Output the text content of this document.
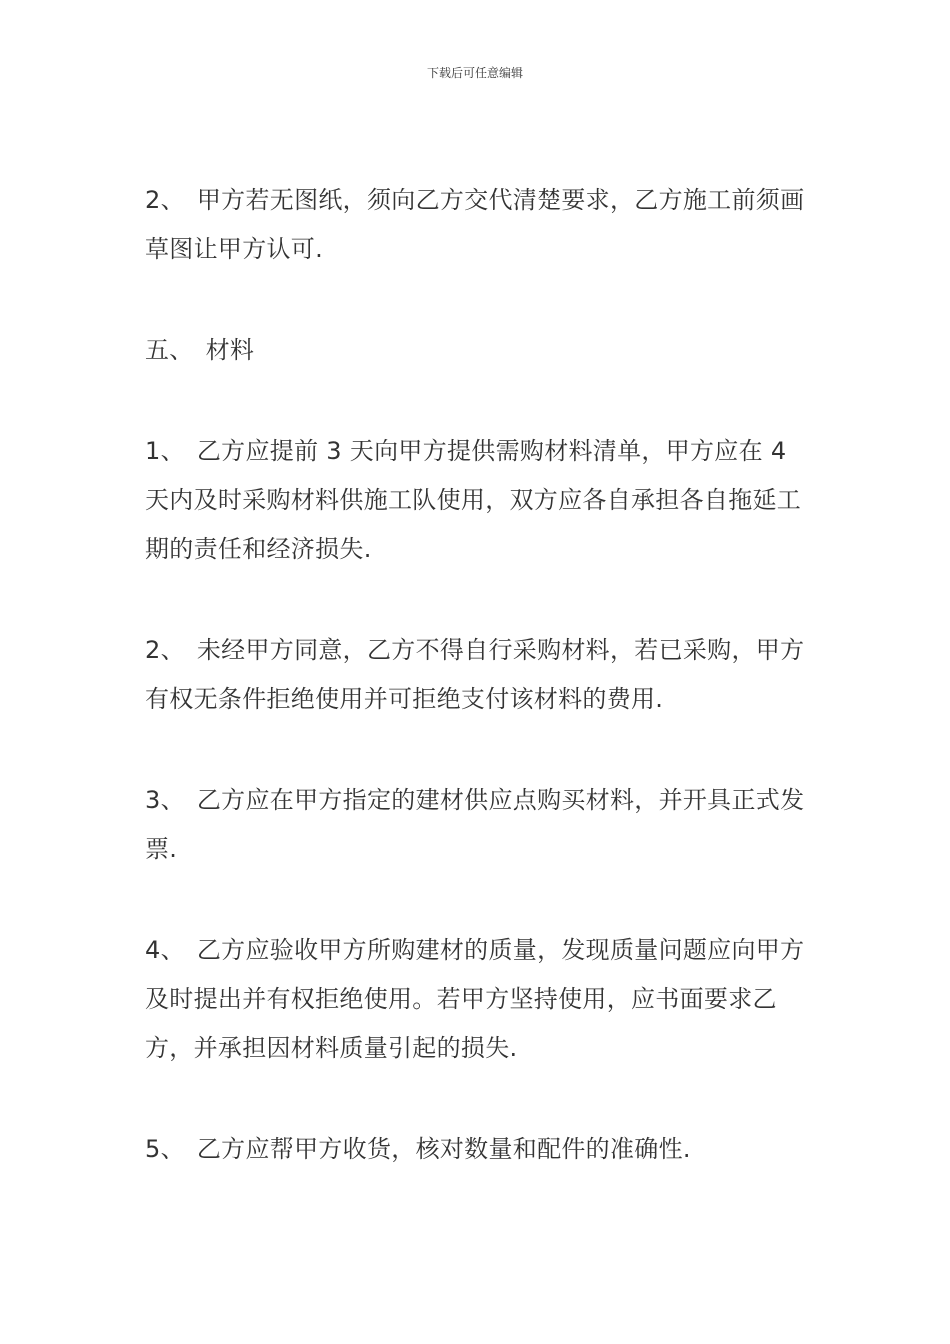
下载后可任意编辑

2、 甲方若无图纸，须向乙方交代清楚要求，乙方施工前须画草图让甲方认可.

五、 材料

1、 乙方应提前 3 天向甲方提供需购材料清单，甲方应在 4 天内及时采购材料供施工队使用，双方应各自承担各自拖延工期的责任和经济损失.

2、 未经甲方同意，乙方不得自行采购材料，若已采购，甲方有权无条件拒绝使用并可拒绝支付该材料的费用.

3、 乙方应在甲方指定的建材供应点购买材料，并开具正式发票.

4、 乙方应验收甲方所购建材的质量，发现质量问题应向甲方及时提出并有权拒绝使用。若甲方坚持使用，应书面要求乙方，并承担因材料质量引起的损失.

5、 乙方应帮甲方收货，核对数量和配件的准确性.
